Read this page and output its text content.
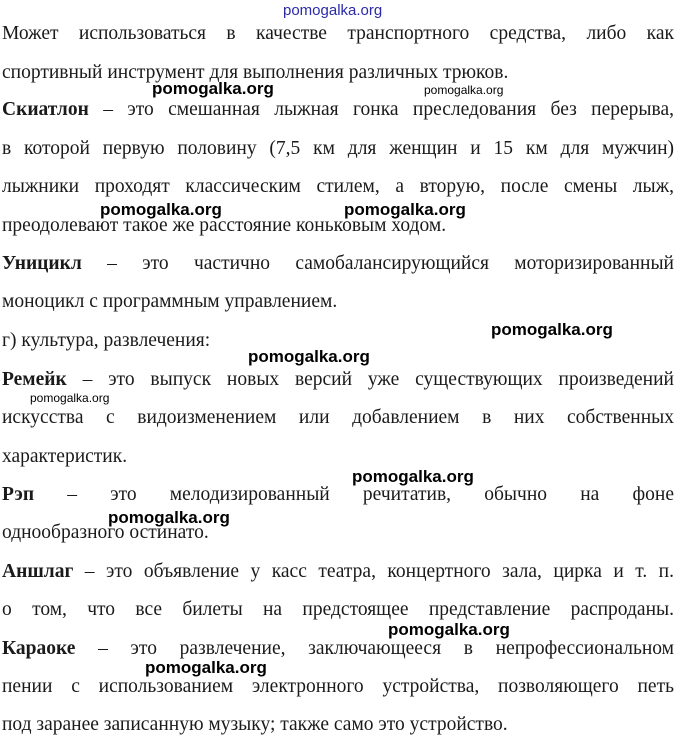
Может использоваться в качестве транспортного средства, либо как
спортивный инструмент для выполнения различных трюков.
Скиатлон – это смешанная лыжная гонка преследования без перерыва,
в которой первую половину (7,5 км для женщин и 15 км для мужчин)
лыжники проходят классическим стилем, а вторую, после смены лыж,
преодолевают такое же расстояние коньковым ходом.
Уницикл – это частично самобалансирующийся моторизированный
моноцикл с программным управлением.
г) культура, развлечения:
Ремейк – это выпуск новых версий уже существующих произведений
искусства с видоизменением или добавлением в них собственных
характеристик.
Рэп – это мелодизированный речитатив, обычно на фоне
однообразного остинато.
Аншлаг – это объявление у касс театра, концертного зала, цирка и т. п.
о том, что все билеты на предстоящее представление распроданы.
Караоке – это развлечение, заключающееся в непрофессиональном
пении с использованием электронного устройства, позволяющего петь
под заранее записанную музыку; также само это устройство.
pomogalka.org
pomogalka.org	pomogalka.org
pomogalka.org	pomogalka.org
pomogalka.org
pomogalka.org
pomogalka.org
pomogalka.org
pomogalka.org
pomogalka.org
pomogalka.org
